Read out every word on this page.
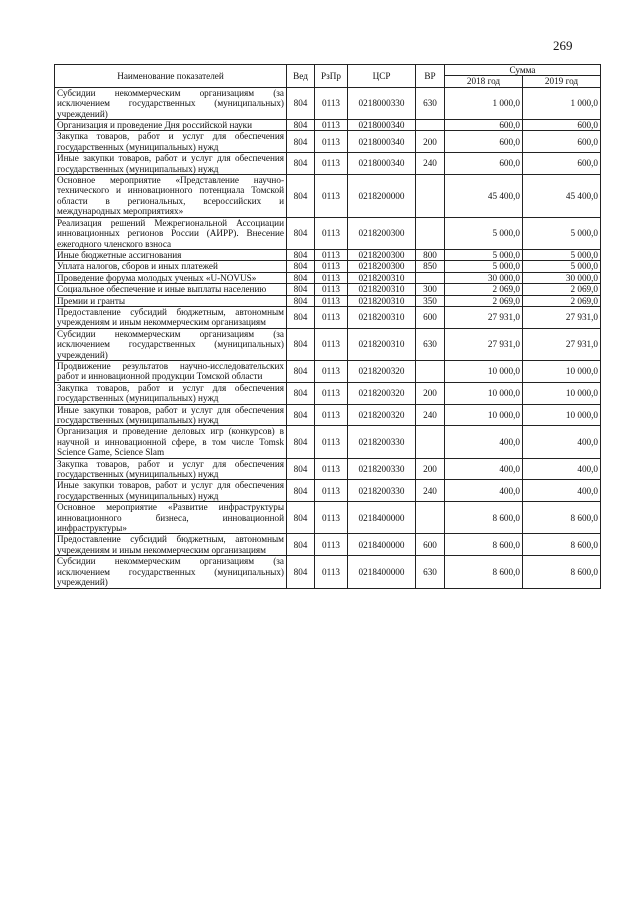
269
Наименование показателей	Вед	РзПр	ЦСР	ВР	Сумма	
					2018 год	2019 год
Субсидии некоммерческим организациям (за исключением государственных (муниципальных) учреждений)	804	0113	0218000330	630	1 000,0	1 000,0
Организация и проведение Дня российской науки	804	0113	0218000340		600,0	600,0
Закупка товаров, работ и услуг для обеспечения государственных (муниципальных) нужд	804	0113	0218000340	200	600,0	600,0
Иные закупки товаров, работ и услуг для обеспечения государственных (муниципальных) нужд	804	0113	0218000340	240	600,0	600,0
Основное мероприятие «Представление научно-технического и инновационного потенциала Томской области в региональных, всероссийских и международных мероприятиях»	804	0113	0218200000		45 400,0	45 400,0
Реализация решений Межрегиональной Ассоциации инновационных регионов России (АИРР). Внесение ежегодного членского взноса	804	0113	0218200300		5 000,0	5 000,0
Иные бюджетные ассигнования	804	0113	0218200300	800	5 000,0	5 000,0
Уплата налогов, сборов и иных платежей	804	0113	0218200300	850	5 000,0	5 000,0
Проведение форума молодых ученых «U-NOVUS»	804	0113	0218200310		30 000,0	30 000,0
Социальное обеспечение и иные выплаты населению	804	0113	0218200310	300	2 069,0	2 069,0
Премии и гранты	804	0113	0218200310	350	2 069,0	2 069,0
Предоставление субсидий бюджетным, автономным учреждениям и иным некоммерческим организациям	804	0113	0218200310	600	27 931,0	27 931,0
Субсидии некоммерческим организациям (за исключением государственных (муниципальных) учреждений)	804	0113	0218200310	630	27 931,0	27 931,0
Продвижение результатов научно-исследовательских работ и инновационной продукции Томской области	804	0113	0218200320		10 000,0	10 000,0
Закупка товаров, работ и услуг для обеспечения государственных (муниципальных) нужд	804	0113	0218200320	200	10 000,0	10 000,0
Иные закупки товаров, работ и услуг для обеспечения государственных (муниципальных) нужд	804	0113	0218200320	240	10 000,0	10 000,0
Организация и проведение деловых игр (конкурсов) в научной и инновационной сфере, в том числе Tomsk Science Game, Science Slam	804	0113	0218200330		400,0	400,0
Закупка товаров, работ и услуг для обеспечения государственных (муниципальных) нужд	804	0113	0218200330	200	400,0	400,0
Иные закупки товаров, работ и услуг для обеспечения государственных (муниципальных) нужд	804	0113	0218200330	240	400,0	400,0
Основное мероприятие «Развитие инфраструктуры инновационного бизнеса, инновационной инфраструктуры»	804	0113	0218400000		8 600,0	8 600,0
Предоставление субсидий бюджетным, автономным учреждениям и иным некоммерческим организациям	804	0113	0218400000	600	8 600,0	8 600,0
Субсидии некоммерческим организациям (за исключением государственных (муниципальных) учреждений)	804	0113	0218400000	630	8 600,0	8 600,0
